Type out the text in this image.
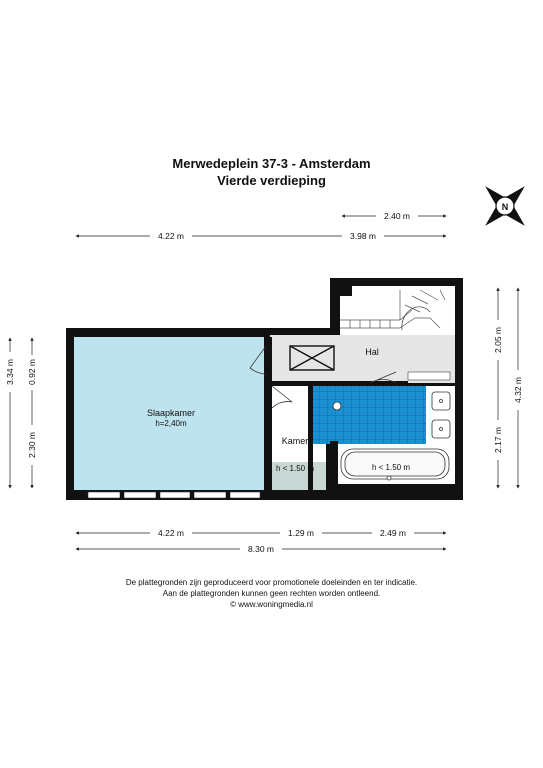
Merwedeplein 37-3 - Amsterdam
Vierde verdieping
2.40 m
4.22 m	3.98 m
4.22 m	1.29 m	2.49 m
8.30 m
3.34 m 0.92 m
2.30 m
2.05 m
2.17 m
4.32 m
Slaapkamer
h=2,40m
Kamer
h < 1.50 m	h < 1.50 m
Hal
N
De plattegronden zijn geproduceerd voor promotionele doeleinden en ter indicatie.
Aan de plattegronden kunnen geen rechten worden ontleend.
© www.woningmedia.nl
